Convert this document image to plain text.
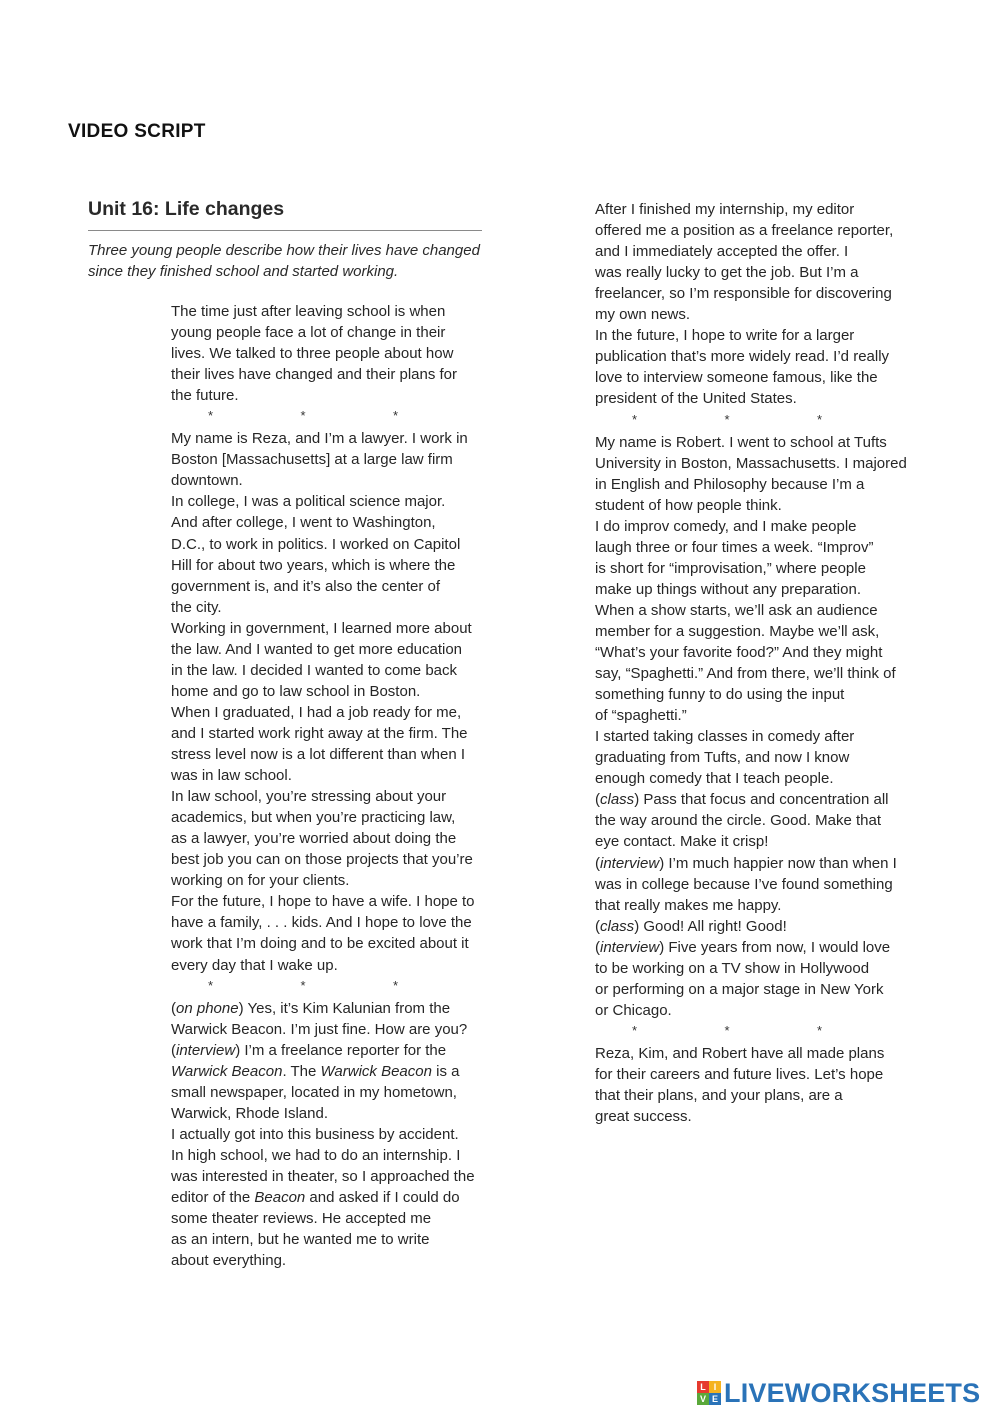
VIDEO SCRIPT
Unit 16: Life changes
Three young people describe how their lives have changed
since they finished school and started working.
The time just after leaving school is when
young people face a lot of change in their
lives. We talked to three people about how
their lives have changed and their plans for
the future.
*	*	*
My name is Reza, and I’m a lawyer. I work in
Boston [Massachusetts] at a large law firm
downtown.
In college, I was a political science major.
And after college, I went to Washington,
D.C., to work in politics. I worked on Capitol
Hill for about two years, which is where the
government is, and it’s also the center of
the city.
Working in government, I learned more about
the law. And I wanted to get more education
in the law. I decided I wanted to come back
home and go to law school in Boston.
When I graduated, I had a job ready for me,
and I started work right away at the firm. The
stress level now is a lot different than when I
was in law school.
In law school, you’re stressing about your
academics, but when you’re practicing law,
as a lawyer, you’re worried about doing the
best job you can on those projects that you’re
working on for your clients.
For the future, I hope to have a wife. I hope to
have a family, . . . kids. And I hope to love the
work that I’m doing and to be excited about it
every day that I wake up.
*	*	*
(on phone) Yes, it’s Kim Kalunian from the
Warwick Beacon. I’m just fine. How are you?
(interview) I’m a freelance reporter for the
Warwick Beacon. The Warwick Beacon is a
small newspaper, located in my hometown,
Warwick, Rhode Island.
I actually got into this business by accident.
In high school, we had to do an internship. I
was interested in theater, so I approached the
editor of the Beacon and asked if I could do
some theater reviews. He accepted me
as an intern, but he wanted me to write
about everything.
After I finished my internship, my editor
offered me a position as a freelance reporter,
and I immediately accepted the offer. I
was really lucky to get the job. But I’m a
freelancer, so I’m responsible for discovering
my own news.
In the future, I hope to write for a larger
publication that’s more widely read. I’d really
love to interview someone famous, like the
president of the United States.
*	*	*
My name is Robert. I went to school at Tufts
University in Boston, Massachusetts. I majored
in English and Philosophy because I’m a
student of how people think.
I do improv comedy, and I make people
laugh three or four times a week. “Improv”
is short for “improvisation,” where people
make up things without any preparation.
When a show starts, we’ll ask an audience
member for a suggestion. Maybe we’ll ask,
“What’s your favorite food?” And they might
say, “Spaghetti.” And from there, we’ll think of
something funny to do using the input
of “spaghetti.”
I started taking classes in comedy after
graduating from Tufts, and now I know
enough comedy that I teach people.
(class) Pass that focus and concentration all
the way around the circle. Good. Make that
eye contact. Make it crisp!
(interview) I’m much happier now than when I
was in college because I’ve found something
that really makes me happy.
(class) Good! All right! Good!
(interview) Five years from now, I would love
to be working on a TV show in Hollywood
or performing on a major stage in New York
or Chicago.
*	*	*
Reza, Kim, and Robert have all made plans
for their careers and future lives. Let’s hope
that their plans, and your plans, are a
great success.
L I
V E LIVEWORKSHEETS
